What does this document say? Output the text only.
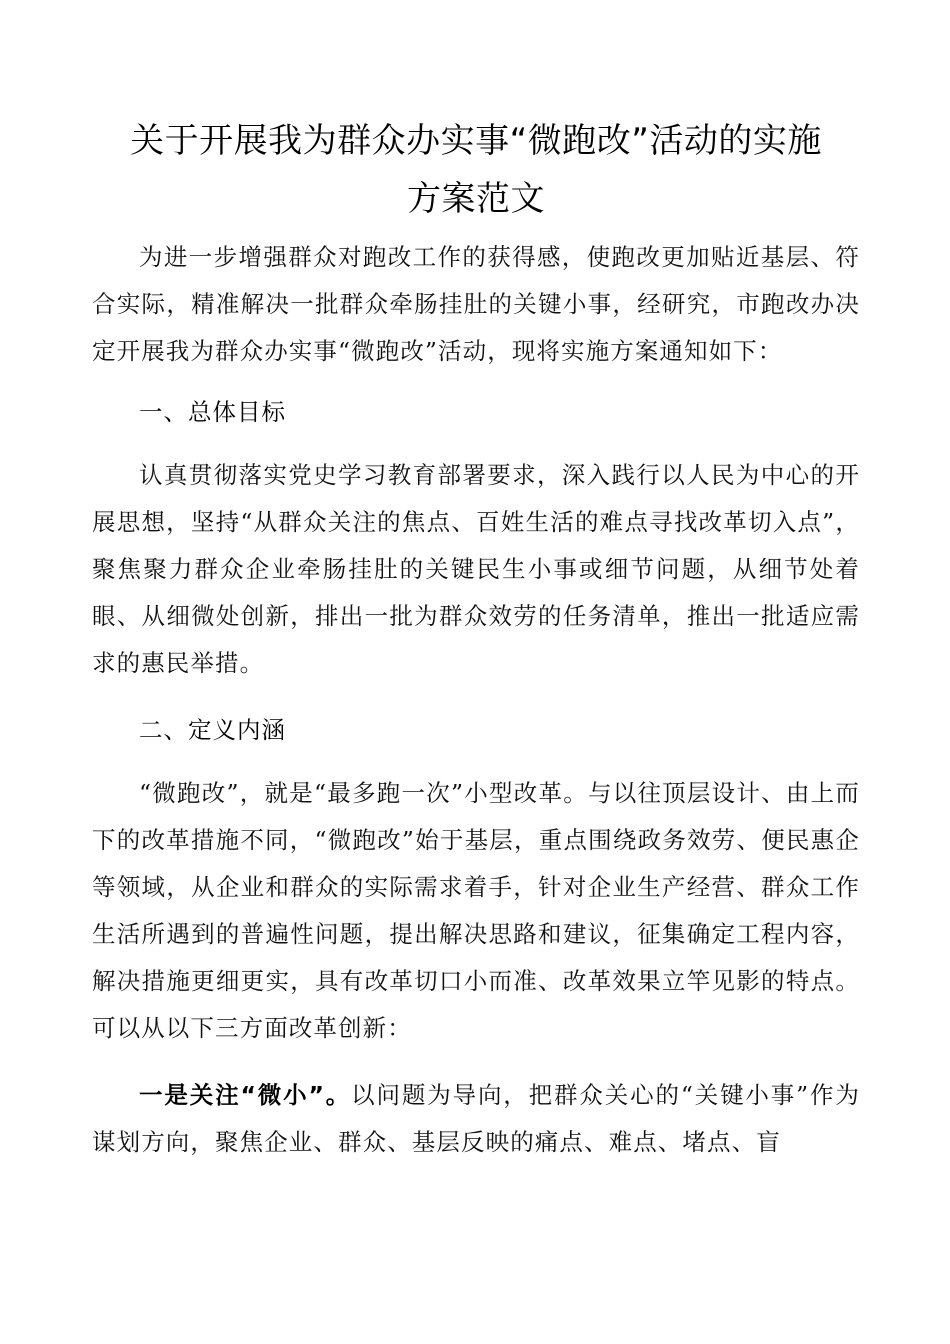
关于开展我为群众办实事“微跑改”活动的实施
方案范文

为进一步增强群众对跑改工作的获得感，使跑改更加贴近基层、符合实际，精准解决一批群众牵肠挂肚的关键小事，经研究，市跑改办决定开展我为群众办实事“微跑改”活动，现将实施方案通知如下：

一、总体目标

认真贯彻落实党史学习教育部署要求，深入践行以人民为中心的开展思想，坚持“从群众关注的焦点、百姓生活的难点寻找改革切入点”，聚焦聚力群众企业牵肠挂肚的关键民生小事或细节问题，从细节处着眼、从细微处创新，排出一批为群众效劳的任务清单，推出一批适应需求的惠民举措。

二、定义内涵

“微跑改”，就是“最多跑一次”小型改革。与以往顶层设计、由上而下的改革措施不同，“微跑改”始于基层，重点围绕政务效劳、便民惠企等领域，从企业和群众的实际需求着手，针对企业生产经营、群众工作生活所遇到的普遍性问题，提出解决思路和建议，征集确定工程内容，解决措施更细更实，具有改革切口小而准、改革效果立竿见影的特点。可以从以下三方面改革创新：

一是关注“微小”。以问题为导向，把群众关心的“关键小事”作为谋划方向，聚焦企业、群众、基层反映的痛点、难点、堵点、盲
